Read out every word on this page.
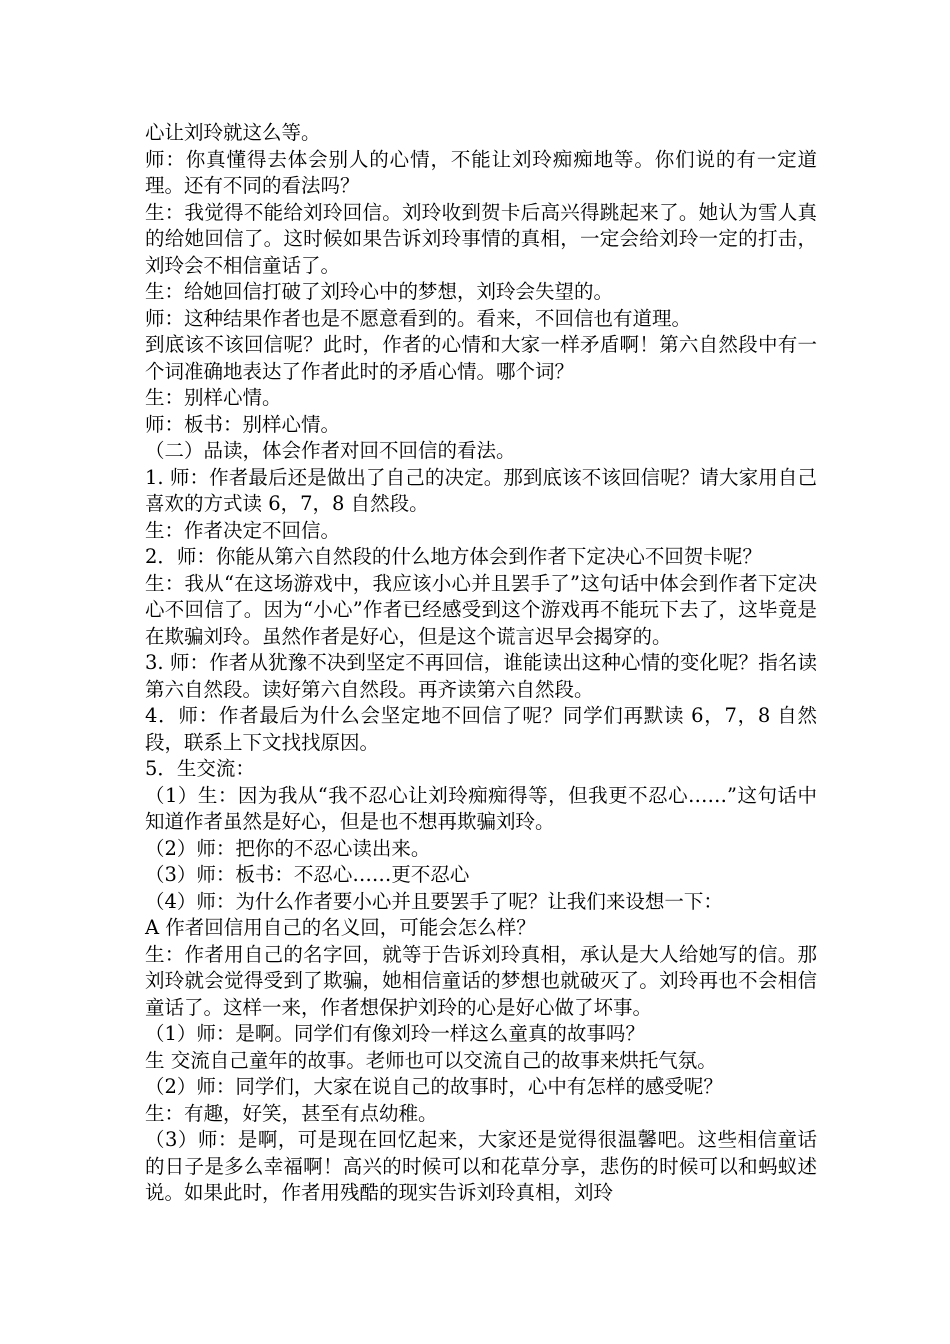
心让刘玲就这么等。

师：你真懂得去体会别人的心情，不能让刘玲痴痴地等。你们说的有一定道理。还有不同的看法吗？

生：我觉得不能给刘玲回信。刘玲收到贺卡后高兴得跳起来了。她认为雪人真的给她回信了。这时候如果告诉刘玲事情的真相，一定会给刘玲一定的打击，刘玲会不相信童话了。

生：给她回信打破了刘玲心中的梦想，刘玲会失望的。

师：这种结果作者也是不愿意看到的。看来，不回信也有道理。

到底该不该回信呢？此时，作者的心情和大家一样矛盾啊！第六自然段中有一个词准确地表达了作者此时的矛盾心情。哪个词？

生：别样心情。

师：板书：别样心情。

（二）品读，体会作者对回不回信的看法。

1. 师：作者最后还是做出了自己的决定。那到底该不该回信呢？请大家用自己喜欢的方式读 6，7，8 自然段。

生：作者决定不回信。

2．师：你能从第六自然段的什么地方体会到作者下定决心不回贺卡呢？

生：我从“在这场游戏中，我应该小心并且罢手了”这句话中体会到作者下定决心不回信了。因为“小心”作者已经感受到这个游戏再不能玩下去了，这毕竟是在欺骗刘玲。虽然作者是好心，但是这个谎言迟早会揭穿的。

3. 师：作者从犹豫不决到坚定不再回信，谁能读出这种心情的变化呢？指名读第六自然段。读好第六自然段。再齐读第六自然段。

4．师：作者最后为什么会坚定地不回信了呢？同学们再默读 6，7，8 自然段，联系上下文找找原因。

5．生交流：

（1）生：因为我从“我不忍心让刘玲痴痴得等，但我更不忍心……”这句话中知道作者虽然是好心，但是也不想再欺骗刘玲。

（2）师：把你的不忍心读出来。

（3）师：板书：不忍心……更不忍心

（4）师：为什么作者要小心并且要罢手了呢？让我们来设想一下：

A 作者回信用自己的名义回，可能会怎么样？

生：作者用自己的名字回，就等于告诉刘玲真相，承认是大人给她写的信。那刘玲就会觉得受到了欺骗，她相信童话的梦想也就破灭了。刘玲再也不会相信童话了。这样一来，作者想保护刘玲的心是好心做了坏事。

（1）师：是啊。同学们有像刘玲一样这么童真的故事吗？

生 交流自己童年的故事。老师也可以交流自己的故事来烘托气氛。

（2）师：同学们，大家在说自己的故事时，心中有怎样的感受呢？

生：有趣，好笑，甚至有点幼稚。

（3）师：是啊，可是现在回忆起来，大家还是觉得很温馨吧。这些相信童话的日子是多么幸福啊！高兴的时候可以和花草分享，悲伤的时候可以和蚂蚁述说。如果此时，作者用残酷的现实告诉刘玲真相，刘玲
